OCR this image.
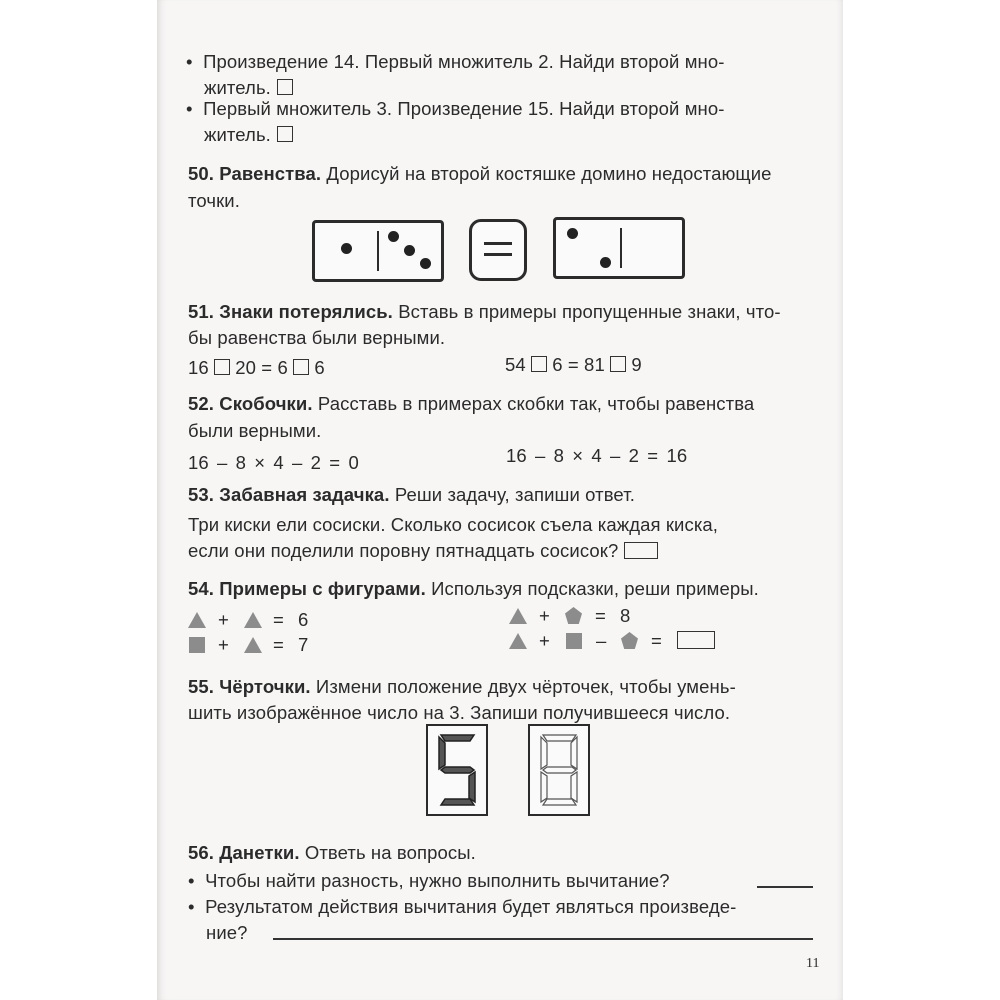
•   Произведение 14. Первый множитель 2. Найди второй мно-
житель.
•   Первый множитель 3. Произведение 15. Найди второй мно-
житель.
50. Равенства. Дорисуй на второй костяшке домино недостающие
точки.
51. Знаки потерялись. Вставь в примеры пропущенные знаки, что-
бы равенства были верными.
16 20 = 6 6	54 6 = 81 9
52. Скобочки. Расставь в примерах скобки так, чтобы равенства
были верными.
16 – 8 × 4 – 2 = 0	16 – 8 × 4 – 2 = 16
53. Забавная задачка. Реши задачу, запиши ответ.
Три киски ели сосиски. Сколько сосисок съела каждая киска,
если они поделили поровну пятнадцать сосисок?
54. Примеры с фигурами. Используя подсказки, реши примеры.
+ = 6
+ = 7
+ = 8
+ – =
55. Чёрточки. Измени положение двух чёрточек, чтобы умень-
шить изображённое число на 3. Запиши получившееся число.
56. Данетки. Ответь на вопросы.
•   Чтобы найти разность, нужно выполнить вычитание?
•   Результатом действия вычитания будет являться произведе-
ние?
11
